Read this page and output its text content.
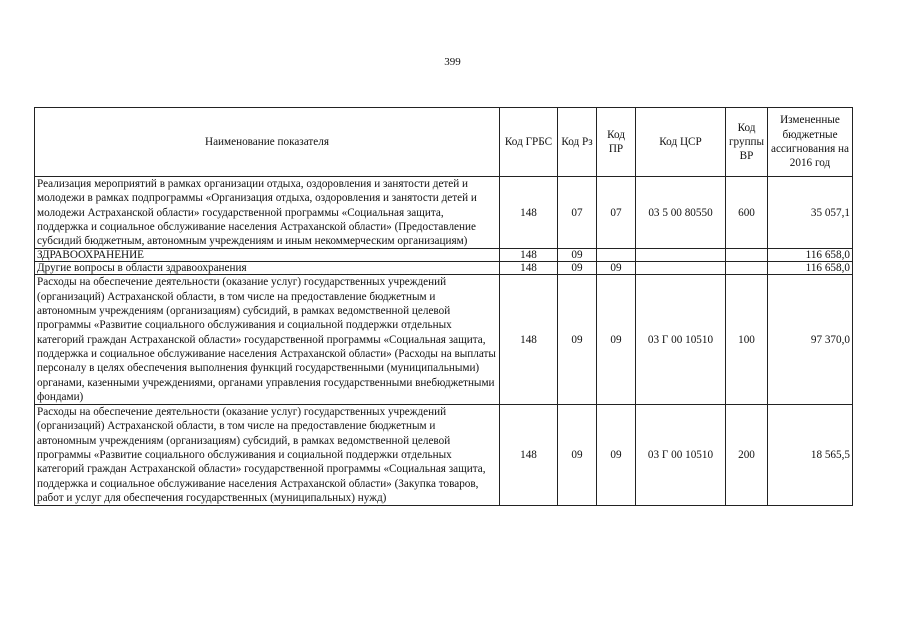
399
Наименование показателя	Код ГРБС	Код Рз	Код ПР	Код ЦСР	Код группы ВР	Измененные бюджетные ассигнования на 2016 год
Реализация мероприятий в рамках организации отдыха, оздоровления и занятости детей и молодежи в рамках подпрограммы «Организация отдыха, оздоровления и занятости детей и молодежи Астраханской области» государственной программы «Социальная защита, поддержка и социальное обслуживание населения Астраханской области» (Предоставление субсидий бюджетным, автономным учреждениям и иным некоммерческим организациям)	148	07	07	03 5 00 80550	600	35 057,1
ЗДРАВООХРАНЕНИЕ	148	09				116 658,0
Другие вопросы в области здравоохранения	148	09	09			116 658,0
Расходы на обеспечение деятельности (оказание услуг) государственных учреждений (организаций) Астраханской области, в том числе на предоставление бюджетным и автономным учреждениям (организациям) субсидий, в рамках ведомственной целевой программы «Развитие социального обслуживания и социальной поддержки отдельных категорий граждан Астраханской области» государственной программы «Социальная защита, поддержка и социальное обслуживание населения Астраханской области» (Расходы на выплаты персоналу в целях обеспечения выполнения функций государственными (муниципальными) органами, казенными учреждениями, органами управления государственными внебюджетными фондами)	148	09	09	03 Г 00 10510	100	97 370,0
Расходы на обеспечение деятельности (оказание услуг) государственных учреждений (организаций) Астраханской области, в том числе на предоставление бюджетным и автономным учреждениям (организациям) субсидий, в рамках ведомственной целевой программы «Развитие социального обслуживания и социальной поддержки отдельных категорий граждан Астраханской области» государственной программы «Социальная защита, поддержка и социальное обслуживание населения Астраханской области» (Закупка товаров, работ и услуг для обеспечения государственных (муниципальных) нужд)	148	09	09	03 Г 00 10510	200	18 565,5
